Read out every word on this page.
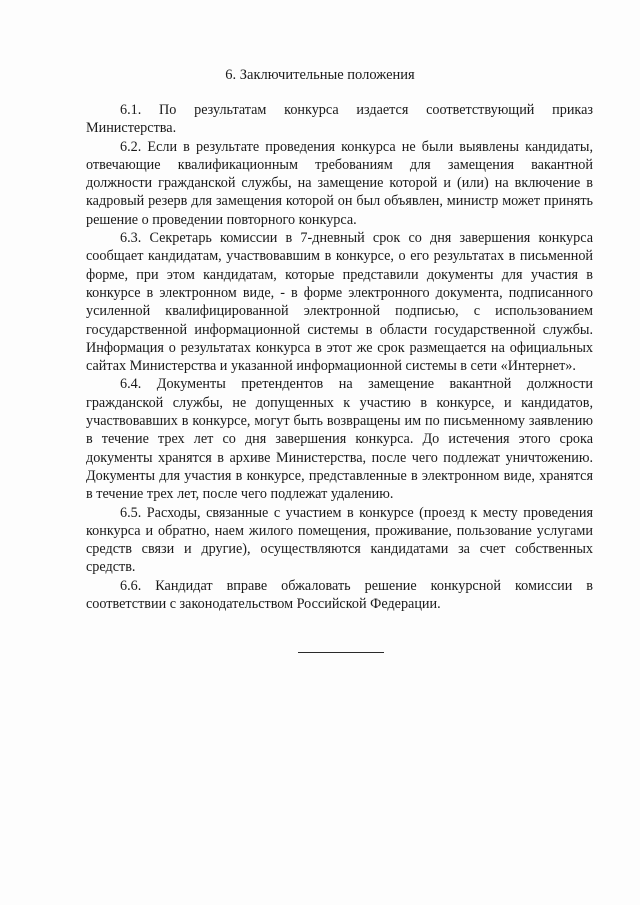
6. Заключительные положения

6.1. По результатам конкурса издается соответствующий приказ Министерства.

6.2. Если в результате проведения конкурса не были выявлены кандидаты, отвечающие квалификационным требованиям для замещения вакантной должности гражданской службы, на замещение которой и (или) на включение в кадровый резерв для замещения которой он был объявлен, министр может принять решение о проведении повторного конкурса.

6.3. Секретарь комиссии в 7-дневный срок со дня завершения конкурса сообщает кандидатам, участвовавшим в конкурсе, о его результатах в письменной форме, при этом кандидатам, которые представили документы для участия в конкурсе в электронном виде, - в форме электронного документа, подписанного усиленной квалифицированной электронной подписью, с использованием государственной информационной системы в области государственной службы. Информация о результатах конкурса в этот же срок размещается на официальных сайтах Министерства и указанной информационной системы в сети «Интернет».

6.4. Документы претендентов на замещение вакантной должности гражданской службы, не допущенных к участию в конкурсе, и кандидатов, участвовавших в конкурсе, могут быть возвращены им по письменному заявлению в течение трех лет со дня завершения конкурса. До истечения этого срока документы хранятся в архиве Министерства, после чего подлежат уничтожению. Документы для участия в конкурсе, представленные в электронном виде, хранятся в течение трех лет, после чего подлежат удалению.

6.5. Расходы, связанные с участием в конкурсе (проезд к месту проведения конкурса и обратно, наем жилого помещения, проживание, пользование услугами средств связи и другие), осуществляются кандидатами за счет собственных средств.

6.6. Кандидат вправе обжаловать решение конкурсной комиссии в соответствии с законодательством Российской Федерации.
